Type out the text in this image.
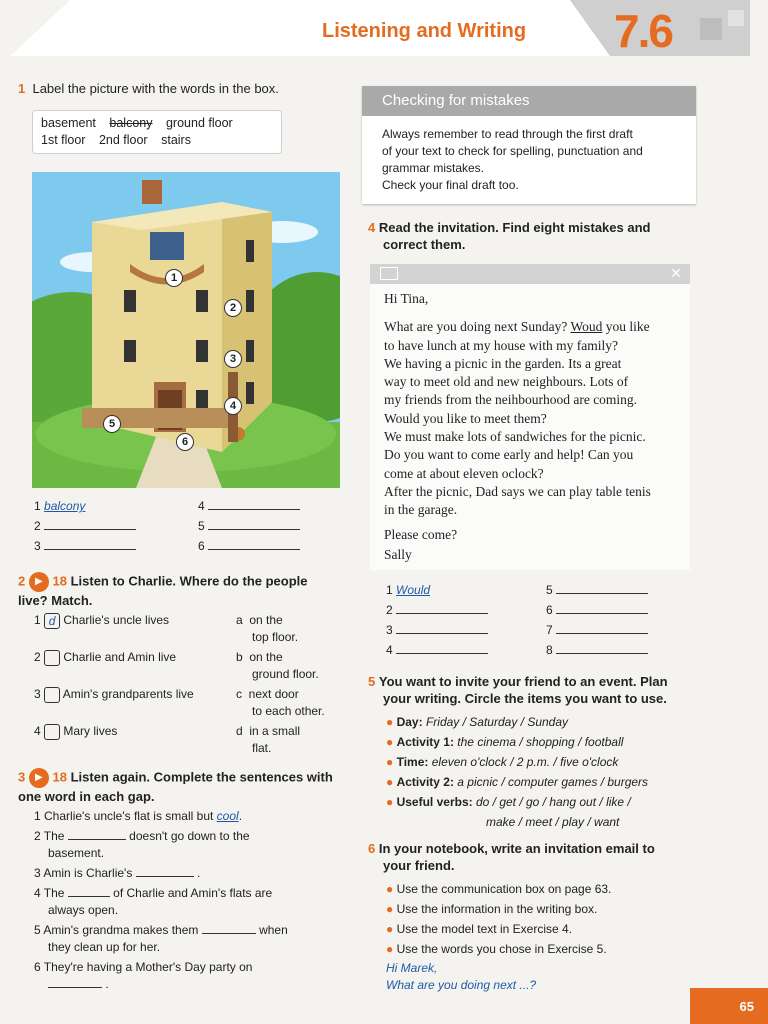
Listening and Writing 7.6
1 Label the picture with the words in the box.
basement balcony ground floor
1st floor 2nd floor stairs
1
2
3
4
5
6
1 balcony
2
3
4
5
6
2 ▶ 18 Listen to Charlie. Where do the people live? Match.
1 d Charlie's uncle lives
2 Charlie and Amin live
3 Amin's grandparents live
4 Mary lives
a on the
top floor.
b on the
ground floor.
c next door
to each other.
d in a small
flat.
3 ▶ 18 Listen again. Complete the sentences with one word in each gap.
1 Charlie's uncle's flat is small but cool.
2 The	doesn't go down to the
basement.
3 Amin is Charlie's	.
4 The	of Charlie and Amin's flats are
always open.
5 Amin's grandma makes them	when
they clean up for her.
6 They're having a Mother's Day party on
.
Checking for mistakes
Always remember to read through the first draft
of your text to check for spelling, punctuation and
grammar mistakes.
Check your final draft too.
4 Read the invitation. Find eight mistakes and
correct them.
✕

Hi Tina,

What are you doing next Sunday? Woud you like
to have lunch at my house with my family?
We having a picnic in the garden. Its a great
way to meet old and new neighbours. Lots of
my friends from the neihbourhood are coming.
Would you like to meet them?
We must make lots of sandwiches for the picnic.
Do you want to come early and help! Can you
come at about eleven oclock?
After the picnic, Dad says we can play table tenis
in the garage.
Please come?
Sally
1 Would
2
3
4
5
6
7
8
5 You want to invite your friend to an event. Plan
your writing. Circle the items you want to use.
● Day: Friday / Saturday / Sunday
● Activity 1: the cinema / shopping / football
● Time: eleven o'clock / 2 p.m. / five o'clock
● Activity 2: a picnic / computer games / burgers
● Useful verbs: do / get / go / hang out / like /
make / meet / play / want
6 In your notebook, write an invitation email to
your friend.
● Use the communication box on page 63.
● Use the information in the writing box.
● Use the model text in Exercise 4.
● Use the words you chose in Exercise 5.
Hi Marek,
What are you doing next ...?
65
